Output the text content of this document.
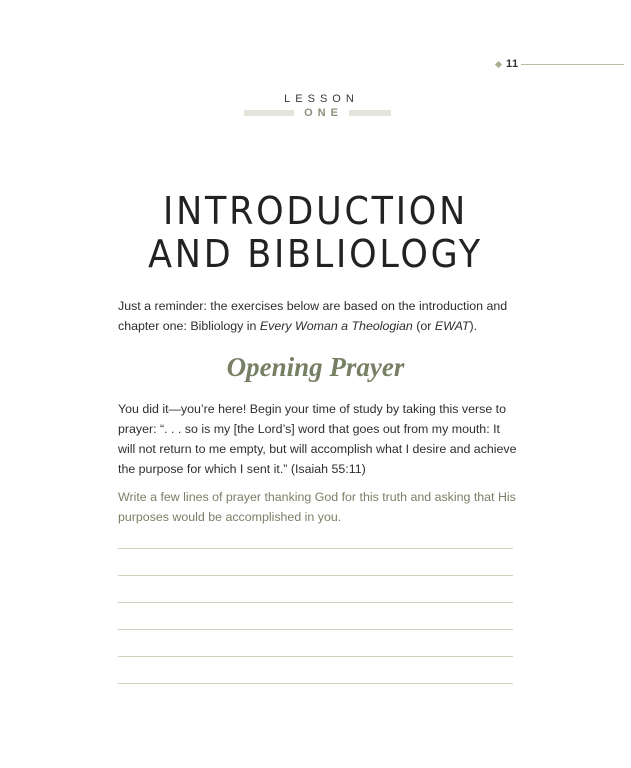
11
LESSON
ONE
INTRODUCTION
AND BIBLIOLOGY

Just a reminder: the exercises below are based on the introduction and chapter one: Bibliology in Every Woman a Theologian (or EWAT).

Opening Prayer

You did it—you’re here! Begin your time of study by taking this verse to prayer: “. . . so is my [the Lord’s] word that goes out from my mouth: It will not return to me empty, but will accomplish what I desire and achieve the purpose for which I sent it.” (Isaiah 55:11)

Write a few lines of prayer thanking God for this truth and asking that His purposes would be accomplished in you.
